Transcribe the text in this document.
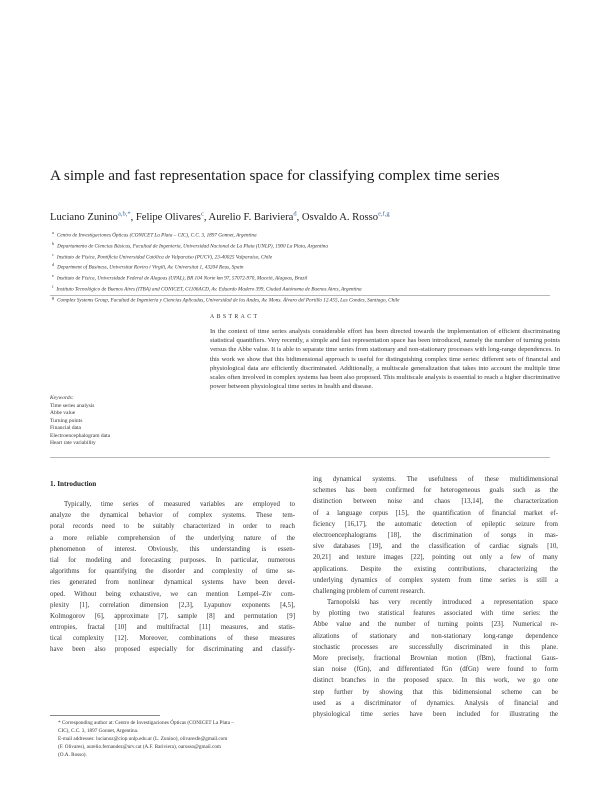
A simple and fast representation space for classifying complex time series
Luciano Zunino$^{a,b,*}$, Felipe Olivares$^c$, Aurelio F. Bariviera$^d$, Osvaldo A. Rosso$^{e,f,g}$
$^a$Centro de Investigaciones Ópticas (CONICET La Plata – CIC), C.C. 3, 1897 Gonnet, Argentina
$^b$Departamento de Ciencias Básicas, Facultad de Ingeniería, Universidad Nacional de La Plata (UNLP), 1900 La Plata, Argentina
$^c$Instituto de Física, Pontificia Universidad Católica de Valparaíso (PUCV), 23-40025 Valparaíso, Chile
$^d$Department of Business, Universitat Rovira i Virgili, Av. Universitat 1, 43204 Reus, Spain
$^e$Instituto de Física, Universidade Federal de Alagoas (UFAL), BR 104 Norte km 97, 57072-970, Maceió, Alagoas, Brazil
$^f$Instituto Tecnológico de Buenos Aires (ITBA) and CONICET, C1106ACD, Av. Eduardo Madero 399, Ciudad Autónoma de Buenos Aires, Argentina
$^g$Complex Systems Group, Facultad de Ingeniería y Ciencias Aplicadas, Universidad de los Andes, Av. Mons. Álvaro del Portillo 12.455, Las Condes, Santiago, Chile
ABSTRACT
In the context of time series analysis considerable effort has been directed towards the implementation of efficient discriminating statistical quantifiers. Very recently, a simple and fast representation space has been introduced, namely the number of turning points versus the Abbe value. It is able to separate time series from stationary and non-stationary processes with long-range dependences. In this work we show that this bidimensional approach is useful for distinguishing complex time series: different sets of financial and physiological data are efficiently discriminated. Additionally, a multiscale generalization that takes into account the multiple time scales often involved in complex systems has been also proposed. This multiscale analysis is essential to reach a higher discriminative power between physiological time series in health and disease.
Keywords:
Time series analysis
Abbe value
Turning points
Financial data
Electroencephalogram data
Heart rate variability
1. Introduction
Typically, time series of measured variables are employed to
analyze the dynamical behavior of complex systems. These tem-
poral records need to be suitably characterized in order to reach
a more reliable comprehension of the underlying nature of the
phenomenon of interest. Obviously, this understanding is essen-
tial for modeling and forecasting purposes. In particular, numerous
algorithms for quantifying the disorder and complexity of time se-
ries generated from nonlinear dynamical systems have been devel-
oped. Without being exhaustive, we can mention Lempel–Ziv com-
plexity [1], correlation dimension [2,3], Lyapunov exponents [4,5],
Kolmogorov [6], approximate [7], sample [8] and permutation [9]
entropies, fractal [10] and multifractal [11] measures, and statis-
tical complexity [12]. Moreover, combinations of these measures
have been also proposed especially for discriminating and classify-
ing dynamical systems. The usefulness of these multidimensional
schemes has been confirmed for heterogeneous goals such as the
distinction between noise and chaos [13,14], the characterization
of a language corpus [15], the quantification of financial market ef-
ficiency [16,17], the automatic detection of epileptic seizure from
electroencephalograms [18], the discrimination of songs in mas-
sive databases [19], and the classification of cardiac signals [10,
20,21] and texture images [22], pointing out only a few of many
applications. Despite the existing contributions, characterizing the
underlying dynamics of complex system from time series is still a
challenging problem of current research.
Tarnopolski has very recently introduced a representation space
by plotting two statistical features associated with time series: the
Abbe value and the number of turning points [23]. Numerical re-
alizations of stationary and non-stationary long-range dependence
stochastic processes are successfully discriminated in this plane.
More precisely, fractional Brownian motion (fBm), fractional Gaus-
sian noise (fGn), and differentiated fGn (dfGn) were found to form
distinct branches in the proposed space. In this work, we go one
step further by showing that this bidimensional scheme can be
used as a discriminator of dynamics. Analysis of financial and
physiological time series have been included for illustrating the
* Corresponding author at: Centro de Investigaciones Ópticas (CONICET La Plata –
CIC), C.C. 3, 1897 Gonnet, Argentina.
E-mail addresses: lucianoz@ciop.unlp.edu.ar (L. Zunino), olivaresfe@gmail.com
(F. Olivares), aurelio.fernandez@urv.cat (A.F. Bariviera), oarosso@gmail.com
(O.A. Rosso).
